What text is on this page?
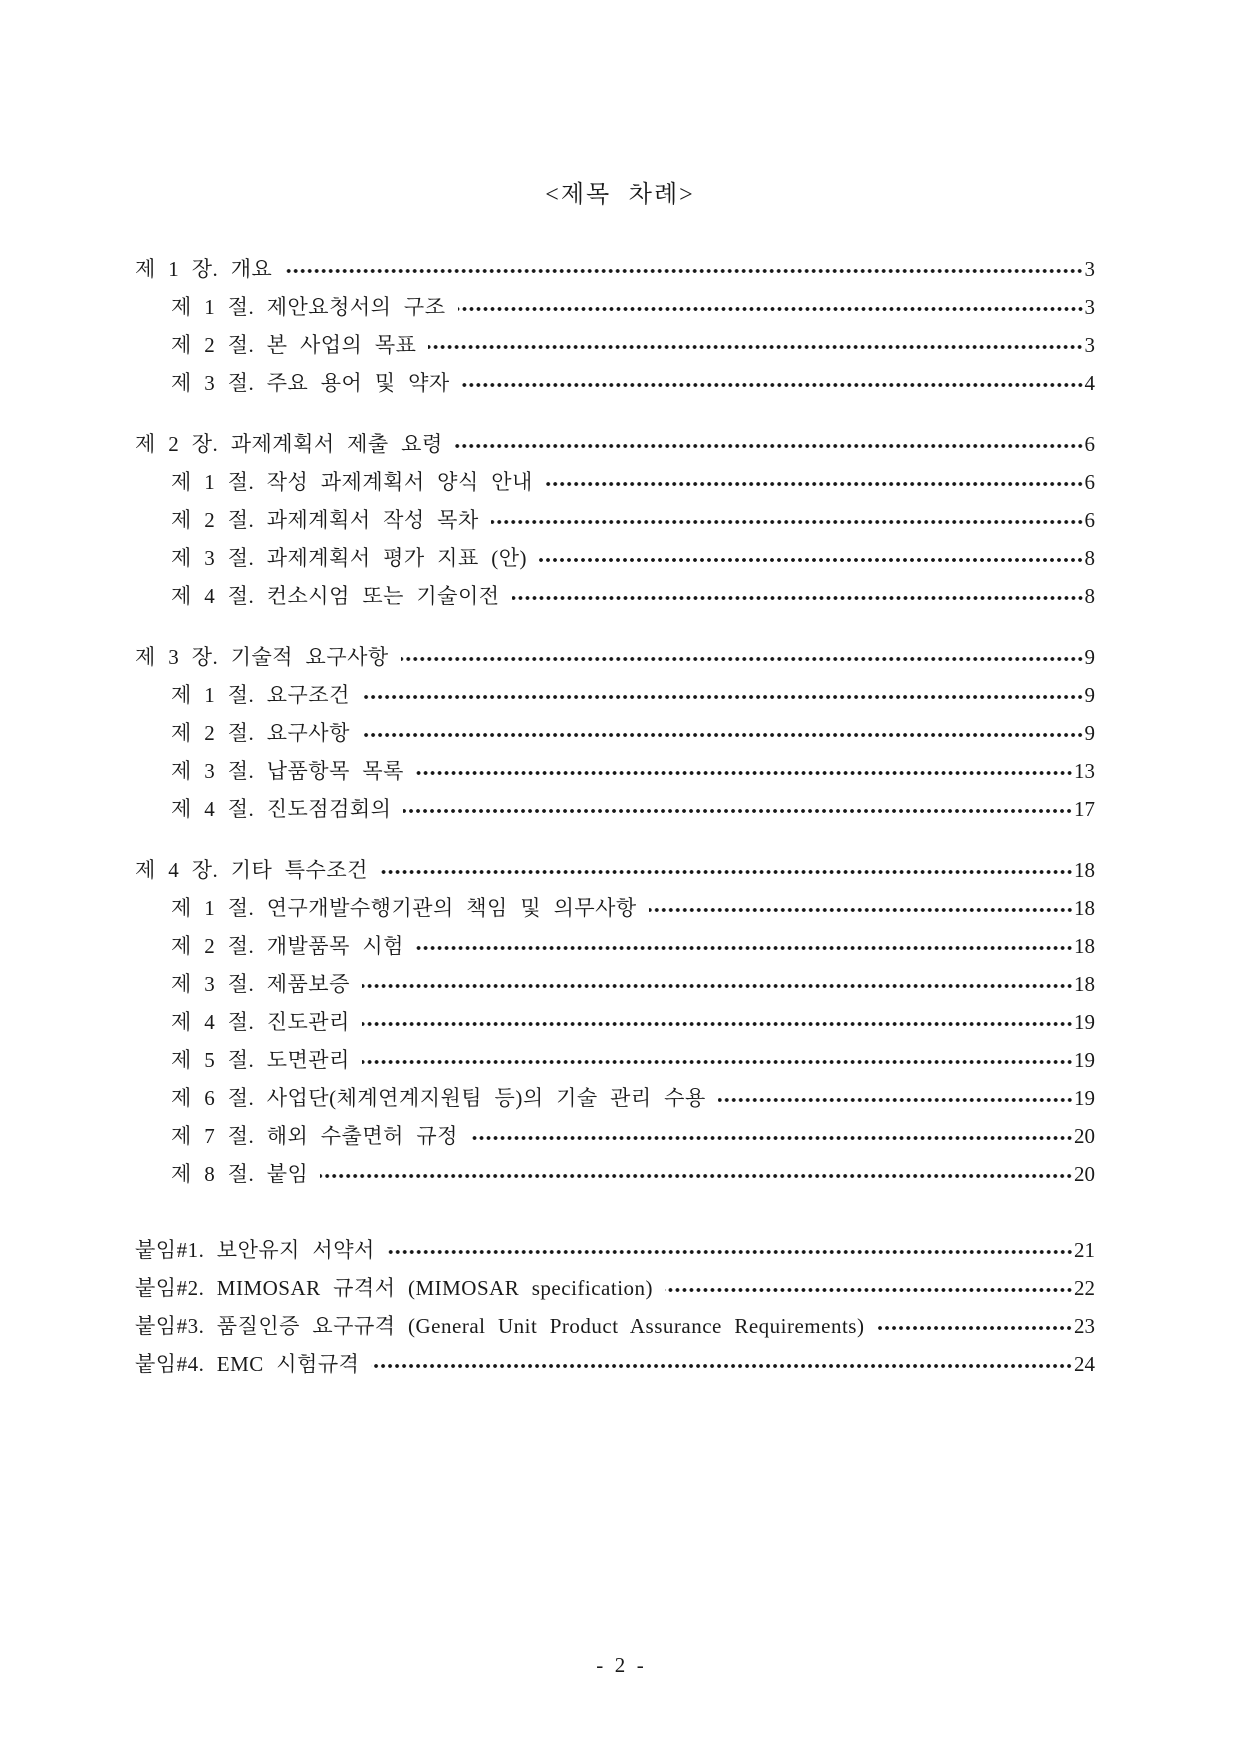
<제목 차례>
제 1 장. 개요	3
제 1 절. 제안요청서의 구조	3
제 2 절. 본 사업의 목표	3
제 3 절. 주요 용어 및 약자	4
제 2 장. 과제계획서 제출 요령	6
제 1 절. 작성 과제계획서 양식 안내	6
제 2 절. 과제계획서 작성 목차	6
제 3 절. 과제계획서 평가 지표 (안)	8
제 4 절. 컨소시엄 또는 기술이전	8
제 3 장. 기술적 요구사항	9
제 1 절. 요구조건	9
제 2 절. 요구사항	9
제 3 절. 납품항목 목록	13
제 4 절. 진도점검회의	17
제 4 장. 기타 특수조건	18
제 1 절. 연구개발수행기관의 책임 및 의무사항	18
제 2 절. 개발품목 시험	18
제 3 절. 제품보증	18
제 4 절. 진도관리	19
제 5 절. 도면관리	19
제 6 절. 사업단(체계연계지원팀 등)의 기술 관리 수용	19
제 7 절. 해외 수출면허 규정	20
제 8 절. 붙임	20
붙임#1. 보안유지 서약서	21
붙임#2. MIMOSAR 규격서 (MIMOSAR specification)	22
붙임#3. 품질인증 요구규격 (General Unit Product Assurance Requirements)	23
붙임#4. EMC 시험규격	24
- 2 -
